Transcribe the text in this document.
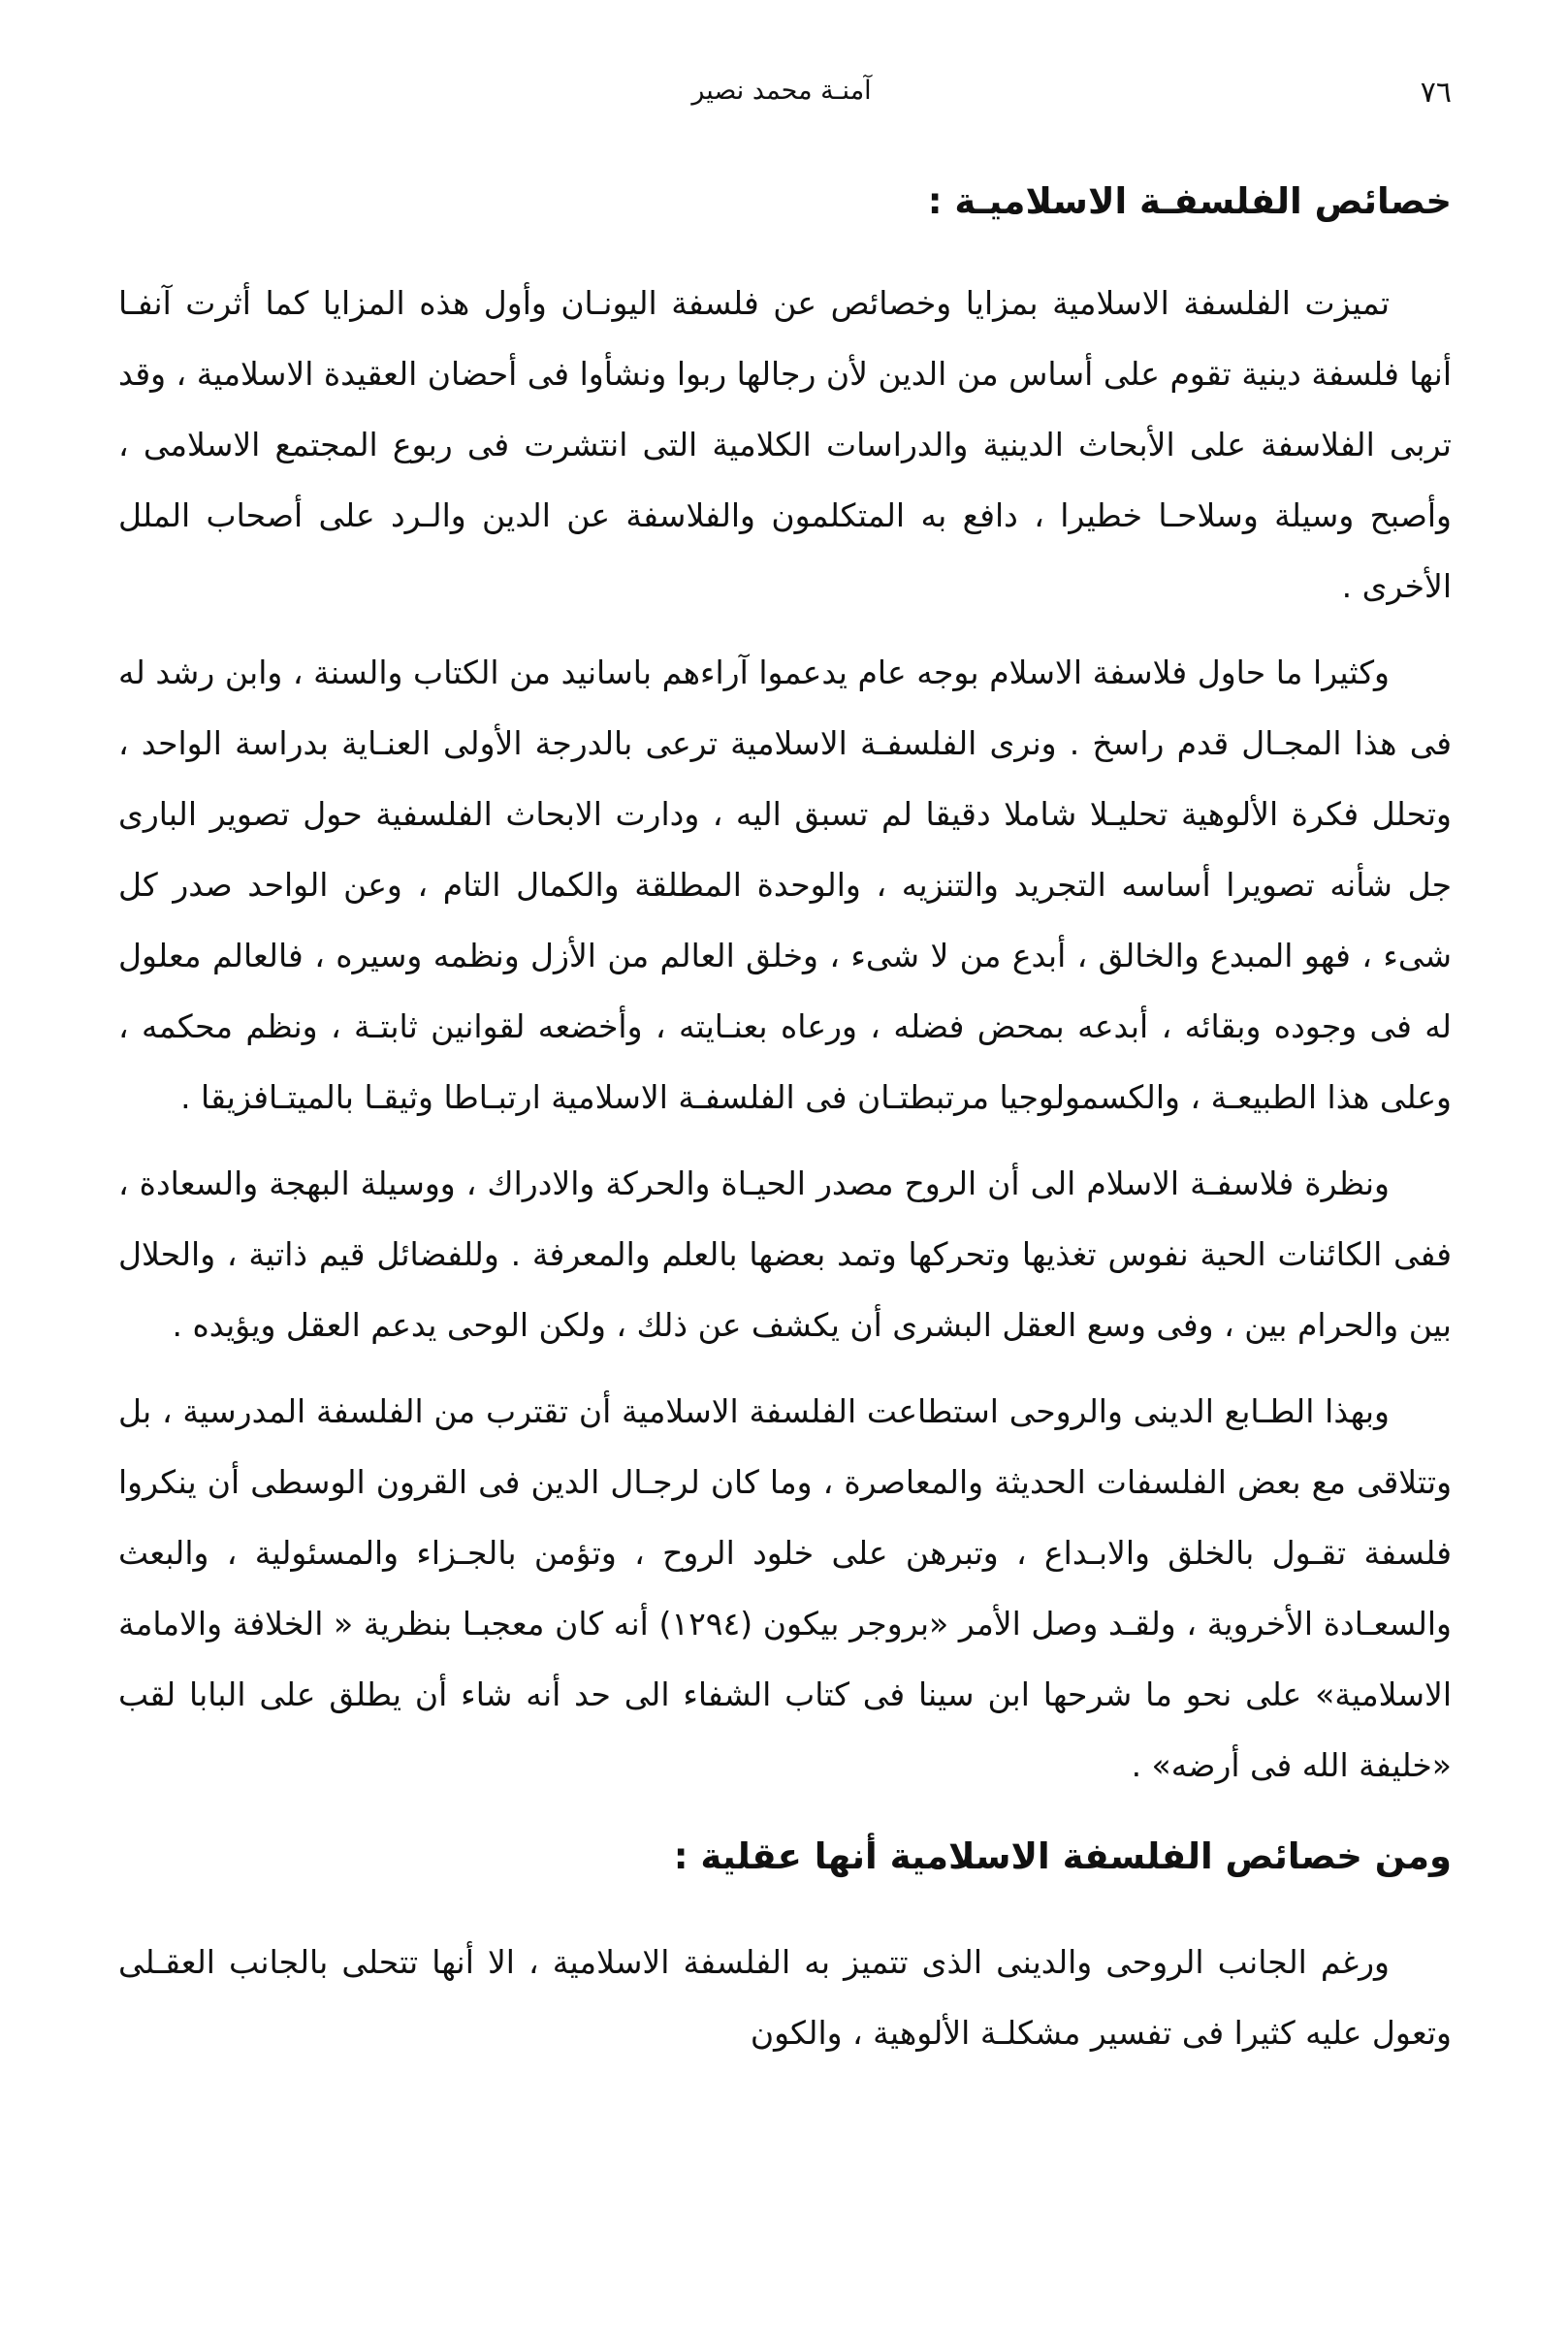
٧٦
آمنـة محمد نصير
خصائص الفلسفـة الاسلاميـة :

تميزت الفلسفة الاسلامية بمزايا وخصائص عن فلسفة اليونـان وأول هذه المزايا كما أثرت آنفـا أنها فلسفة دينية تقوم على أساس من الدين لأن رجالها ربوا ونشأوا فى أحضان العقيدة الاسلامية ، وقد تربى الفلاسفة على الأبحاث الدينية والدراسات الكلامية التى انتشرت فى ربوع المجتمع الاسلامى ، وأصبح وسيلة وسلاحـا خطيرا ، دافع به المتكلمون والفلاسفة عن الدين والـرد على أصحاب الملل الأخرى .

وكثيرا ما حاول فلاسفة الاسلام بوجه عام يدعموا آراءهم باسانيد من الكتاب والسنة ، وابن رشد له فى هذا المجـال قدم راسخ . ونرى الفلسفـة الاسلامية ترعى بالدرجة الأولى العنـاية بدراسة الواحد ، وتحلل فكرة الألوهية تحليـلا شاملا دقيقا لم تسبق اليه ، ودارت الابحاث الفلسفية حول تصوير البارى جل شأنه تصويرا أساسه التجريد والتنزيه ، والوحدة المطلقة والكمال التام ، وعن الواحد صدر كل شىء ، فهو المبدع والخالق ، أبدع من لا شىء ، وخلق العالم من الأزل ونظمه وسيره ، فالعالم معلول له فى وجوده وبقائه ، أبدعه بمحض فضله ، ورعاه بعنـايته ، وأخضعه لقوانين ثابتـة ، ونظم محكمه ، وعلى هذا الطبيعـة ، والكسمولوجيا مرتبطتـان فى الفلسفـة الاسلامية ارتبـاطا وثيقـا بالميتـافزيقا .

ونظرة فلاسفـة الاسلام الى أن الروح مصدر الحيـاة والحركة والادراك ، ووسيلة البهجة والسعادة ، ففى الكائنات الحية نفوس تغذيها وتحركها وتمد بعضها بالعلم والمعرفة . وللفضائل قيم ذاتية ، والحلال بين والحرام بين ، وفى وسع العقل البشرى أن يكشف عن ذلك ، ولكن الوحى يدعم العقل ويؤيده .

وبهذا الطـابع الدينى والروحى استطاعت الفلسفة الاسلامية أن تقترب من الفلسفة المدرسية ، بل وتتلاقى مع بعض الفلسفات الحديثة والمعاصرة ، وما كان لرجـال الدين فى القرون الوسطى أن ينكروا فلسفة تقـول بالخلق والابـداع ، وتبرهن على خلود الروح ، وتؤمن بالجـزاء والمسئولية ، والبعث والسعـادة الأخروية ، ولقـد وصل الأمر «بروجر بيكون (١٢٩٤) أنه كان معجبـا بنظرية « الخلافة والامامة الاسلامية» على نحو ما شرحها ابن سينا فى كتاب الشفاء الى حد أنه شاء أن يطلق على البابا لقب «خليفة الله فى أرضه» .

ومن خصائص الفلسفة الاسلامية أنها عقلية :

ورغم الجانب الروحى والدينى الذى تتميز به الفلسفة الاسلامية ، الا أنها تتحلى بالجانب العقـلى وتعول عليه كثيرا فى تفسير مشكلـة الألوهية ، والكون
